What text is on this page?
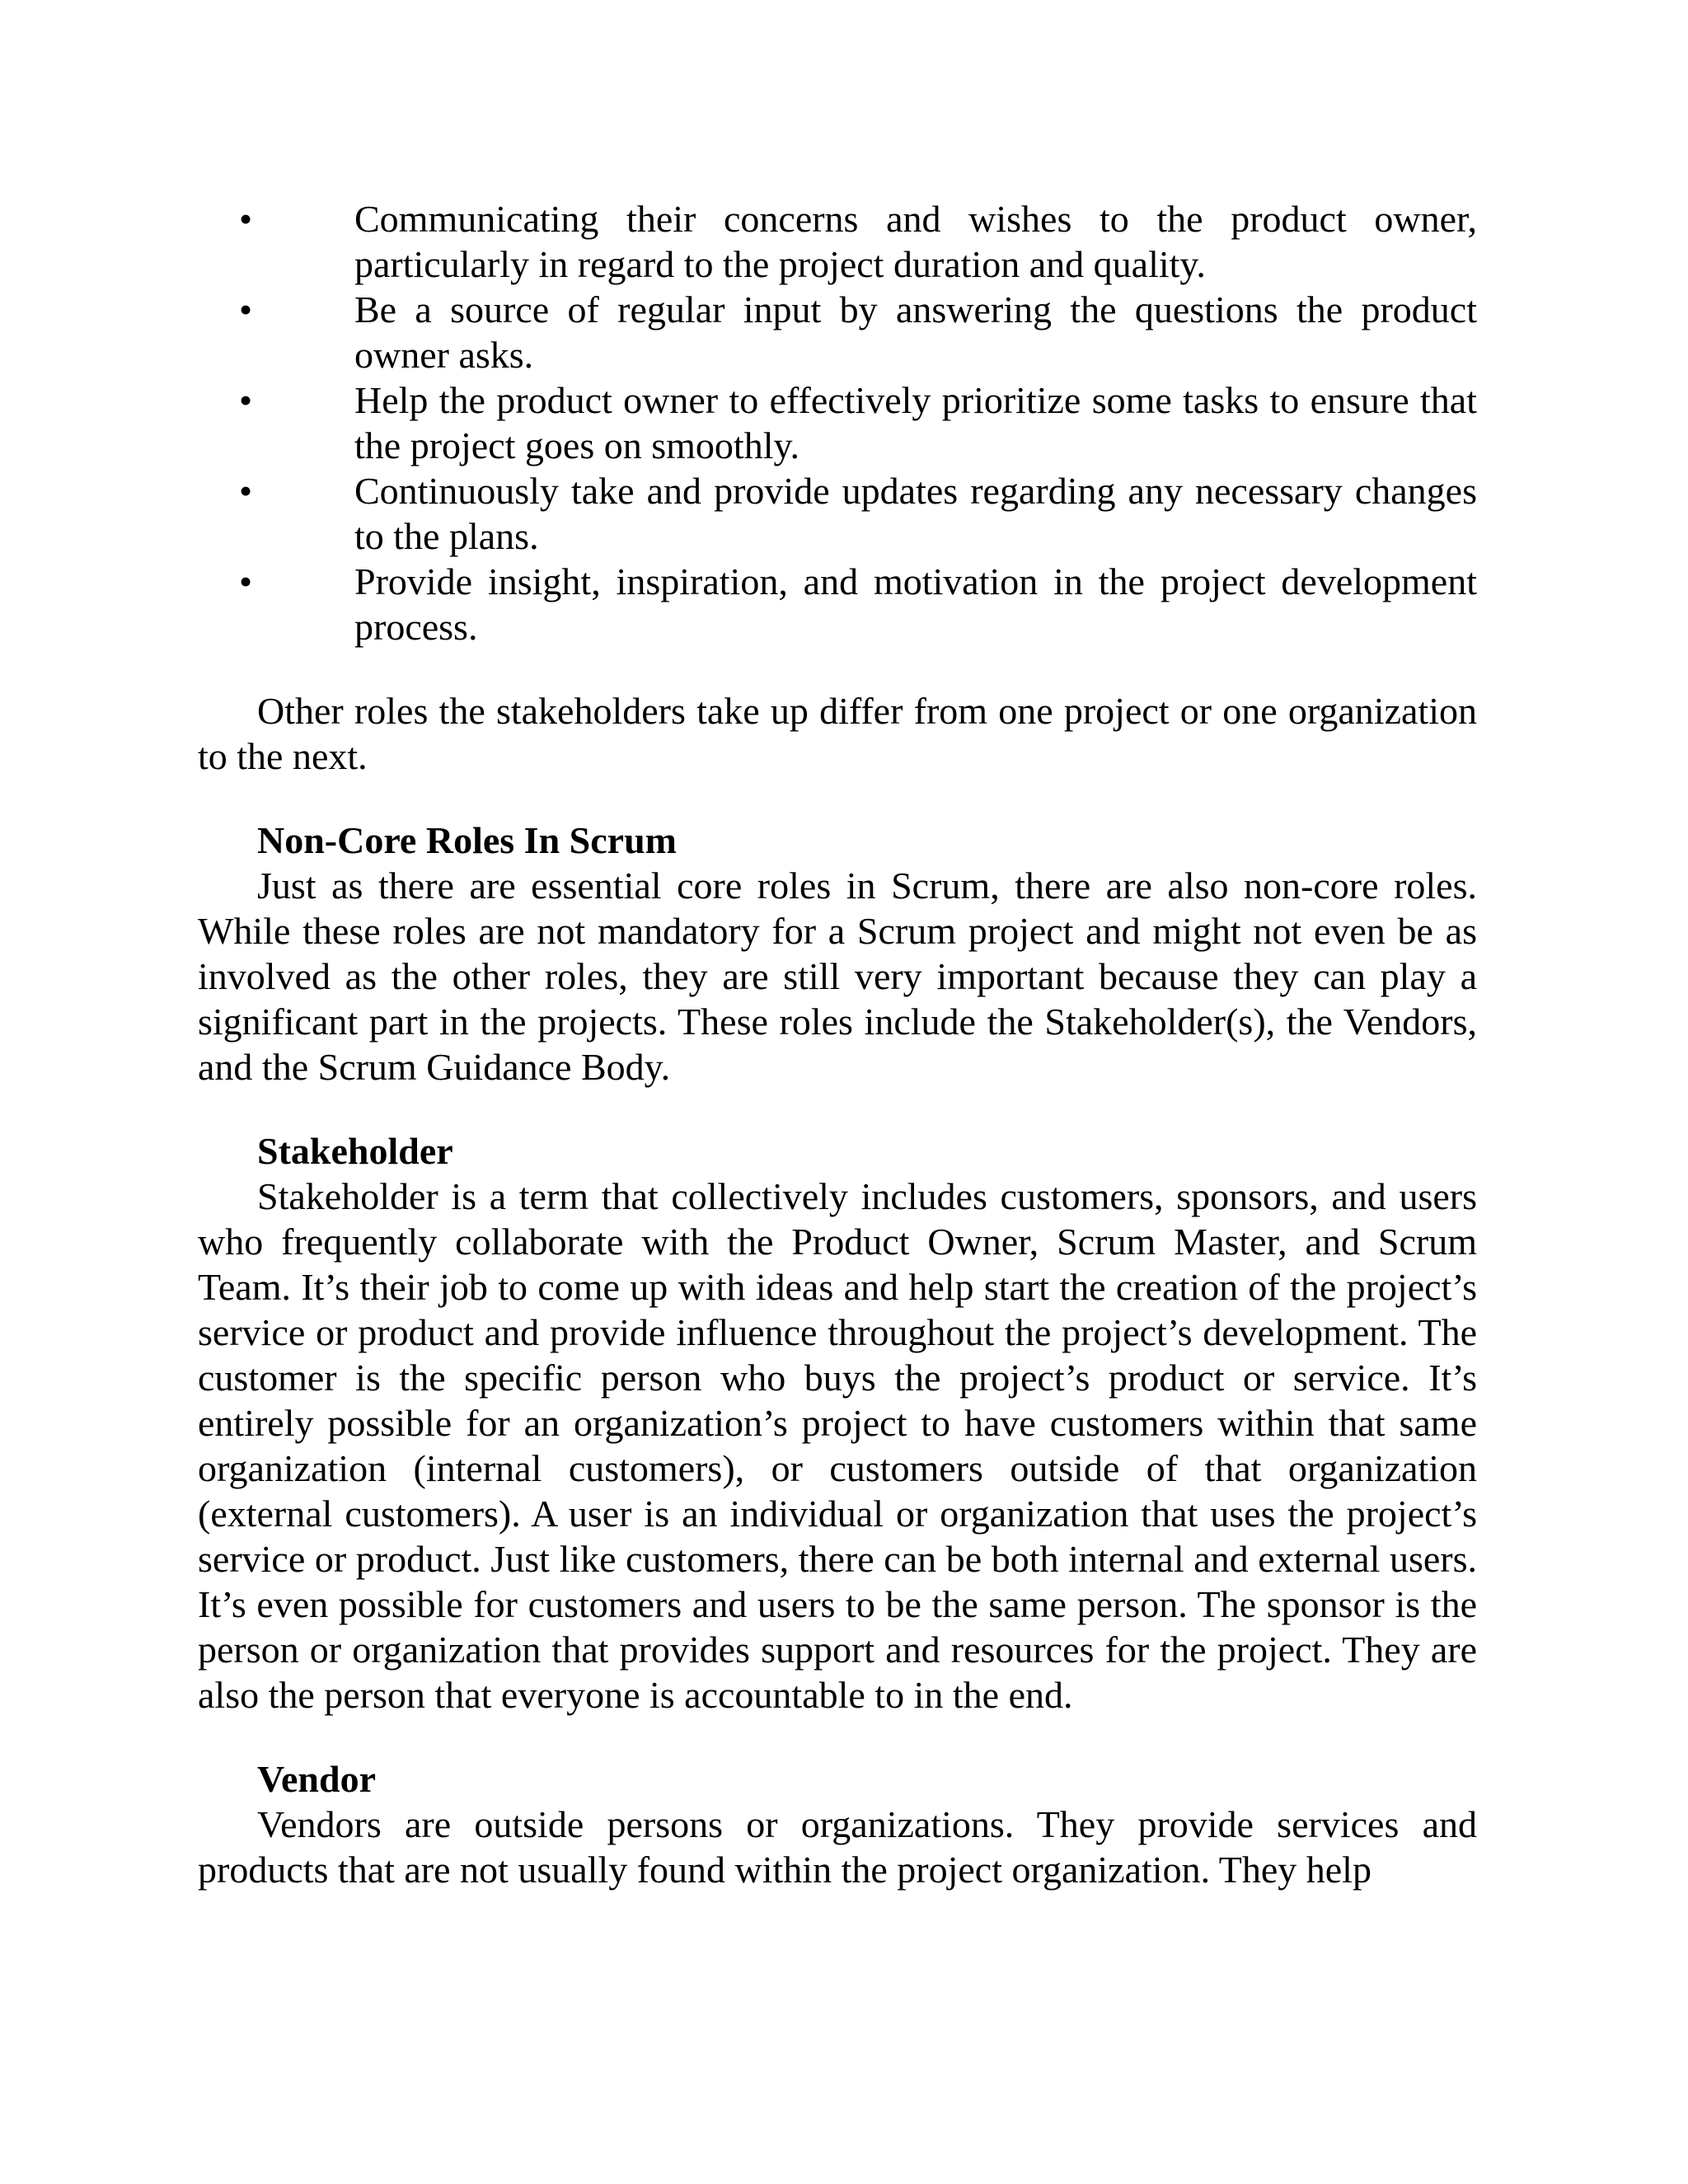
•	Communicating their concerns and wishes to the product owner, particularly in regard to the project duration and quality.
•	Be a source of regular input by answering the questions the product owner asks.
•	Help the product owner to effectively prioritize some tasks to ensure that the project goes on smoothly.
•	Continuously take and provide updates regarding any necessary changes to the plans.
•	Provide insight, inspiration, and motivation in the project development process.

Other roles the stakeholders take up differ from one project or one organization to the next.

Non-Core Roles In Scrum

Just as there are essential core roles in Scrum, there are also non-core roles. While these roles are not mandatory for a Scrum project and might not even be as involved as the other roles, they are still very important because they can play a significant part in the projects. These roles include the Stakeholder(s), the Vendors, and the Scrum Guidance Body.

Stakeholder

Stakeholder is a term that collectively includes customers, sponsors, and users who frequently collaborate with the Product Owner, Scrum Master, and Scrum Team. It’s their job to come up with ideas and help start the creation of the project’s service or product and provide influence throughout the project’s development. The customer is the specific person who buys the project’s product or service. It’s entirely possible for an organization’s project to have customers within that same organization (internal customers), or customers outside of that organization (external customers). A user is an individual or organization that uses the project’s service or product. Just like customers, there can be both internal and external users. It’s even possible for customers and users to be the same person. The sponsor is the person or organization that provides support and resources for the project. They are also the person that everyone is accountable to in the end.

Vendor

Vendors are outside persons or organizations. They provide services and products that are not usually found within the project organization. They help
